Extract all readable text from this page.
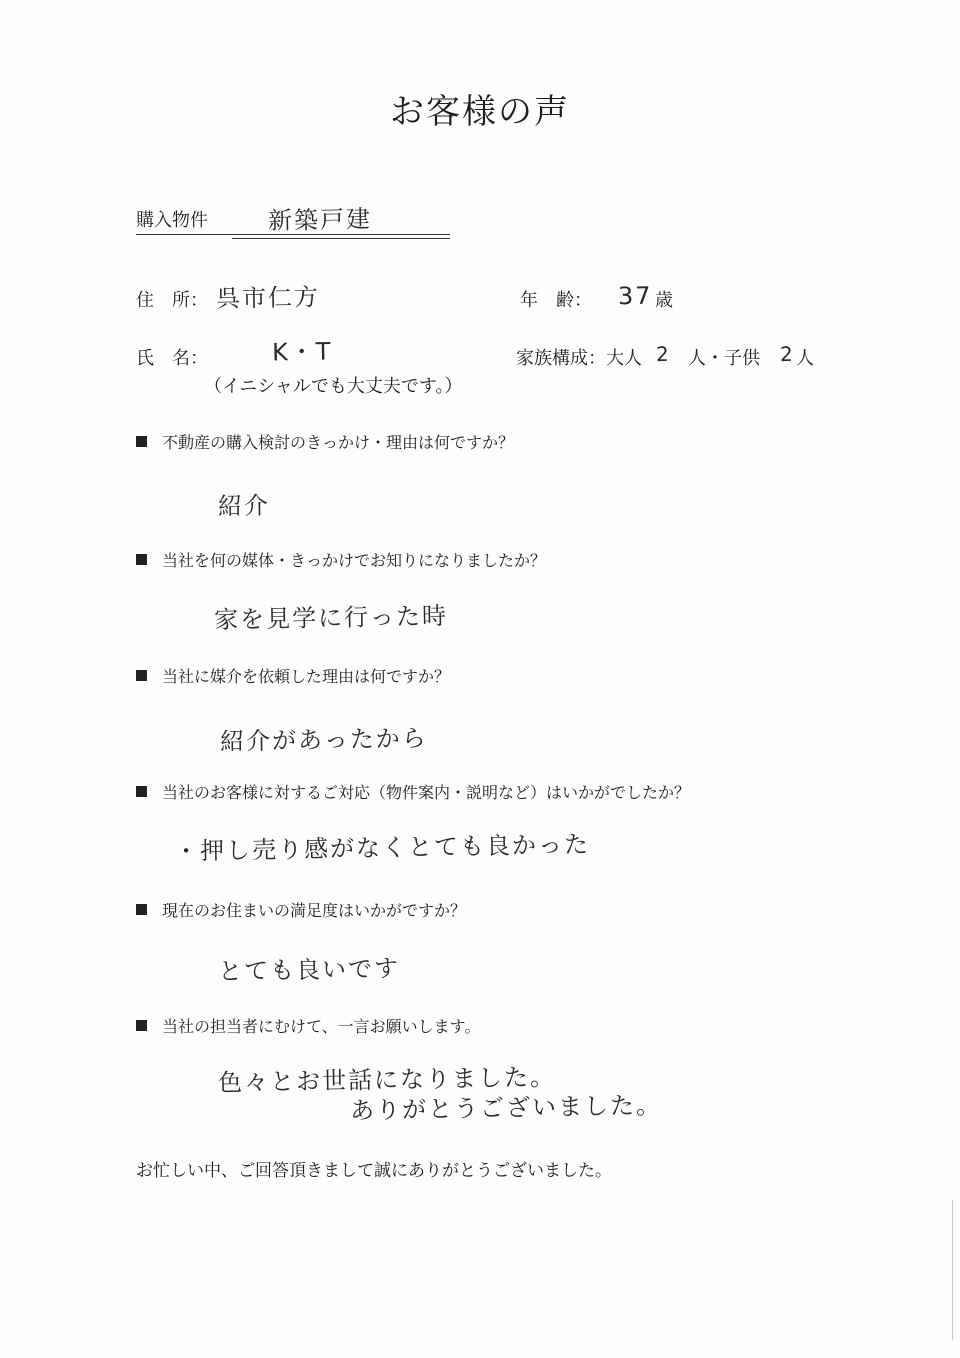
お客様の声
購入物件 新築戸建
住　所： 呉市仁方	年　齢： 37 歳
氏　名：	K・T
（イニシャルでも大丈夫です。）
家族構成：大人 2 人・子供 2 人
不動産の購入検討のきっかけ・理由は何ですか？
紹介
当社を何の媒体・きっかけでお知りになりましたか？
家を見学に行った時
当社に媒介を依頼した理由は何ですか？
紹介があったから
当社のお客様に対するご対応（物件案内・説明など）はいかがでしたか？
・押し売り感がなくとても良かった
現在のお住まいの満足度はいかがですか？
とても良いです
当社の担当者にむけて、一言お願いします。
色々とお世話になりました。
ありがとうございました。
お忙しい中、ご回答頂きまして誠にありがとうございました。
